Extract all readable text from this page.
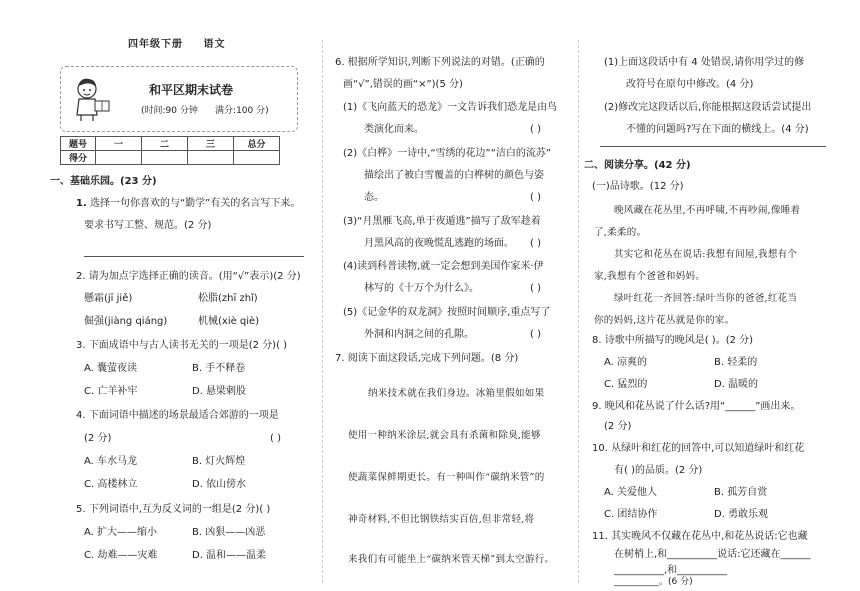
四年级下册 语文
和平区期末试卷
(时间:90 分钟 满分:100 分)
题号	一	二	三	总分
得分				
一、基础乐园。(23 分)
1. 选择一句你喜欢的与“勤学”有关的名言写下来。
要求书写工整、规范。(2 分)
2. 请为加点字选择正确的读音。(用“√”表示)(2 分)
懸霜(jī jiě)	松脂(zhī zhǐ)
倔强(jiàng qiáng)	机械(xiè qiè)
3. 下面成语中与古人读书无关的一项是(2 分)( )
A. 囊萤夜读	B. 手不释卷
C. 亡羊补牢	D. 悬梁刺股
4. 下面词语中描述的场景最适合郊游的一项是
(2 分)	( )
A. 车水马龙	B. 灯火辉煌
C. 高楼林立	D. 依山傍水
5. 下列词语中,互为反义词的一组是(2 分)( )
A. 扩大——缩小	B. 凶狠——凶恶
C. 劫难——灾难	D. 温和——温柔
6. 根据所学知识,判断下列说法的对错。(正确的
画“√”,错误的画“×”)(5 分)
(1)《飞向蓝天的恐龙》一文告诉我们恐龙是由鸟
类演化而来。	( )
(2)《白桦》一诗中,“雪绣的花边”“洁白的流苏”
描绘出了被白雪覆盖的白桦树的颜色与姿
态。	( )
(3)“月黑雁飞高,单于夜遁逃”描写了敌军趁着
月黑风高的夜晚慌乱逃跑的场面。 ( )
(4)读到科普读物,就一定会想到美国作家米·伊
林写的《十万个为什么》。	( )
(5)《记金华的双龙洞》按照时间顺序,重点写了
外洞和内洞之间的孔隙。	( )
7. 阅读下面这段话,完成下列问题。(8 分)
纳米技术就在我们身边。冰箱里假如如果
使用一种纳米涂层,就会具有杀菌和除臭,能够
使蔬菜保鲜期更长。有一种叫作“碳纳米管”的
神奇材料,不但比钢铁结实百倍,但非常轻,将
来我们有可能坐上“碳纳米管天梯”到太空游行。
(1)上面这段话中有 4 处错误,请你用学过的修
改符号在原句中修改。(4 分)
(2)修改完这段话以后,你能根据这段话尝试提出
不懂的问题吗?写在下面的横线上。(4 分)
二、阅读分享。(42 分)
(一)品诗歌。(12 分)
晚风藏在花丛里,不再呼啸,不再吵闹,像睡着
了,柔柔的。
其实它和花丛在说话:我想有间屋,我想有个
家,我想有个爸爸和妈妈。
绿叶红花一齐回答:绿叶当你的爸爸,红花当
你的妈妈,这片花丛就是你的家。
8. 诗歌中所描写的晚风是( )。(2 分)
A. 凉爽的	B. 轻柔的
C. 猛烈的	D. 温暖的
9. 晚风和花丛说了什么话?用“______”画出来。
(2 分)
10. 从绿叶和红花的回答中,可以知道绿叶和红花
有( )的品质。(2 分)
A. 关爱他人	B. 孤芳自赏
C. 团结协作	D. 勇敢乐观
11. 其实晚风不仅藏在花丛中,和花丛说话:它也藏
在树梢上,和__________说话:它还藏在______
__________,和__________
__________。(6 分)
